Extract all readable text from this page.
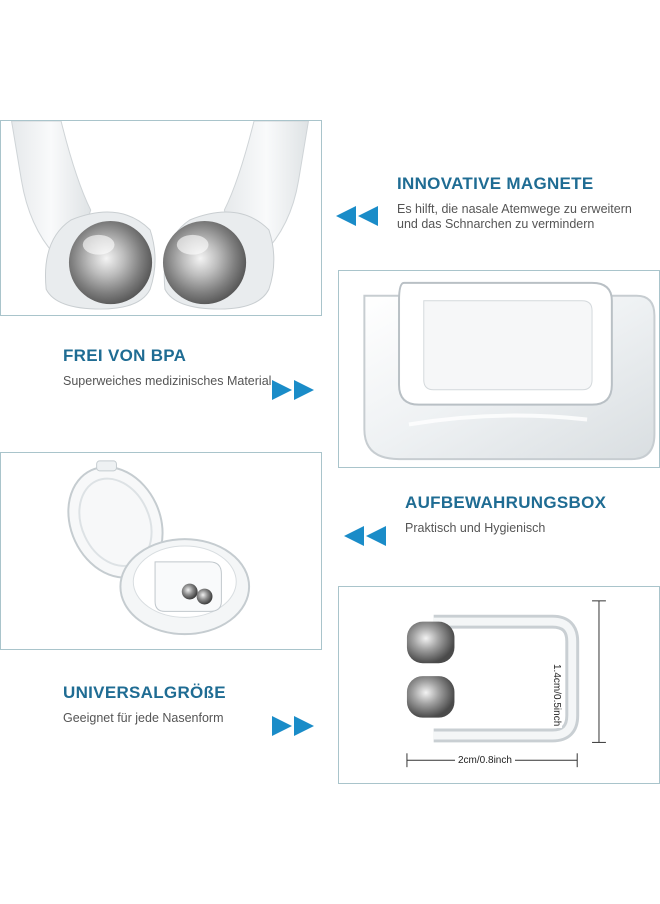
INNOVATIVE MAGNETE
Es hilft, die nasale Atemwege zu erweitern und das Schnarchen zu vermindern
FREI VON BPA
Superweiches medizinisches Material
AUFBEWAHRUNGSBOX
Praktisch und Hygienisch
1.4cm/0.5inch
2cm/0.8inch
UNIVERSALGRÖßE
Geeignet für jede Nasenform
